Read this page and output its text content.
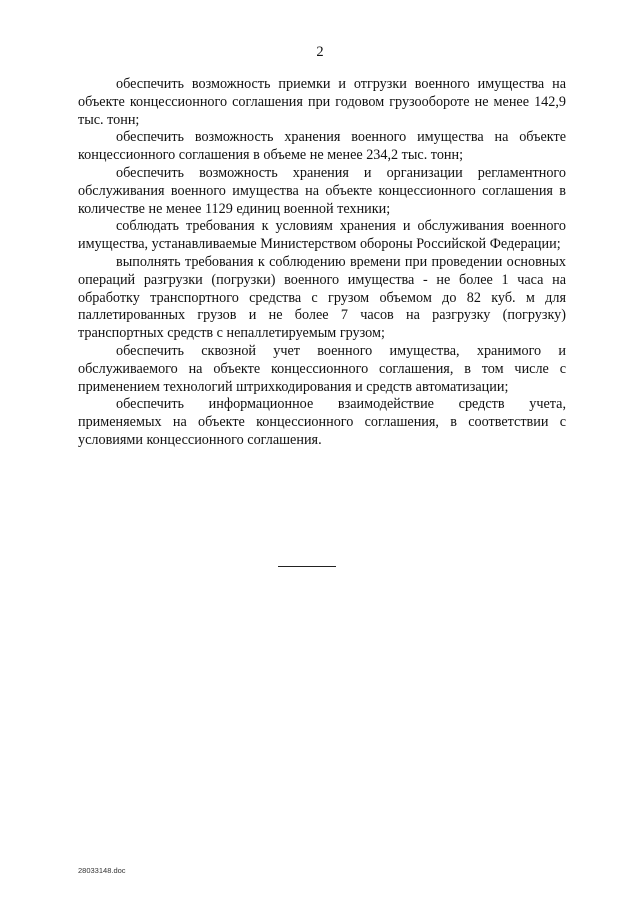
2

обеспечить возможность приемки и отгрузки военного имущества на объекте концессионного соглашения при годовом грузообороте не менее 142,9 тыс. тонн;

обеспечить возможность хранения военного имущества на объекте концессионного соглашения в объеме не менее 234,2 тыс. тонн;

обеспечить возможность хранения и организации регламентного обслуживания военного имущества на объекте концессионного соглашения в количестве не менее 1129 единиц военной техники;

соблюдать требования к условиям хранения и обслуживания военного имущества, устанавливаемые Министерством обороны Российской Федерации;

выполнять требования к соблюдению времени при проведении основных операций разгрузки (погрузки) военного имущества - не более 1 часа на обработку транспортного средства с грузом объемом до 82 куб. м для паллетированных грузов и не более 7 часов на разгрузку (погрузку) транспортных средств с непаллетируемым грузом;

обеспечить сквозной учет военного имущества, хранимого и обслуживаемого на объекте концессионного соглашения, в том числе с применением технологий штрихкодирования и средств автоматизации;

обеспечить информационное взаимодействие средств учета, применяемых на объекте концессионного соглашения, в соответствии с условиями концессионного соглашения.

28033148.doc
